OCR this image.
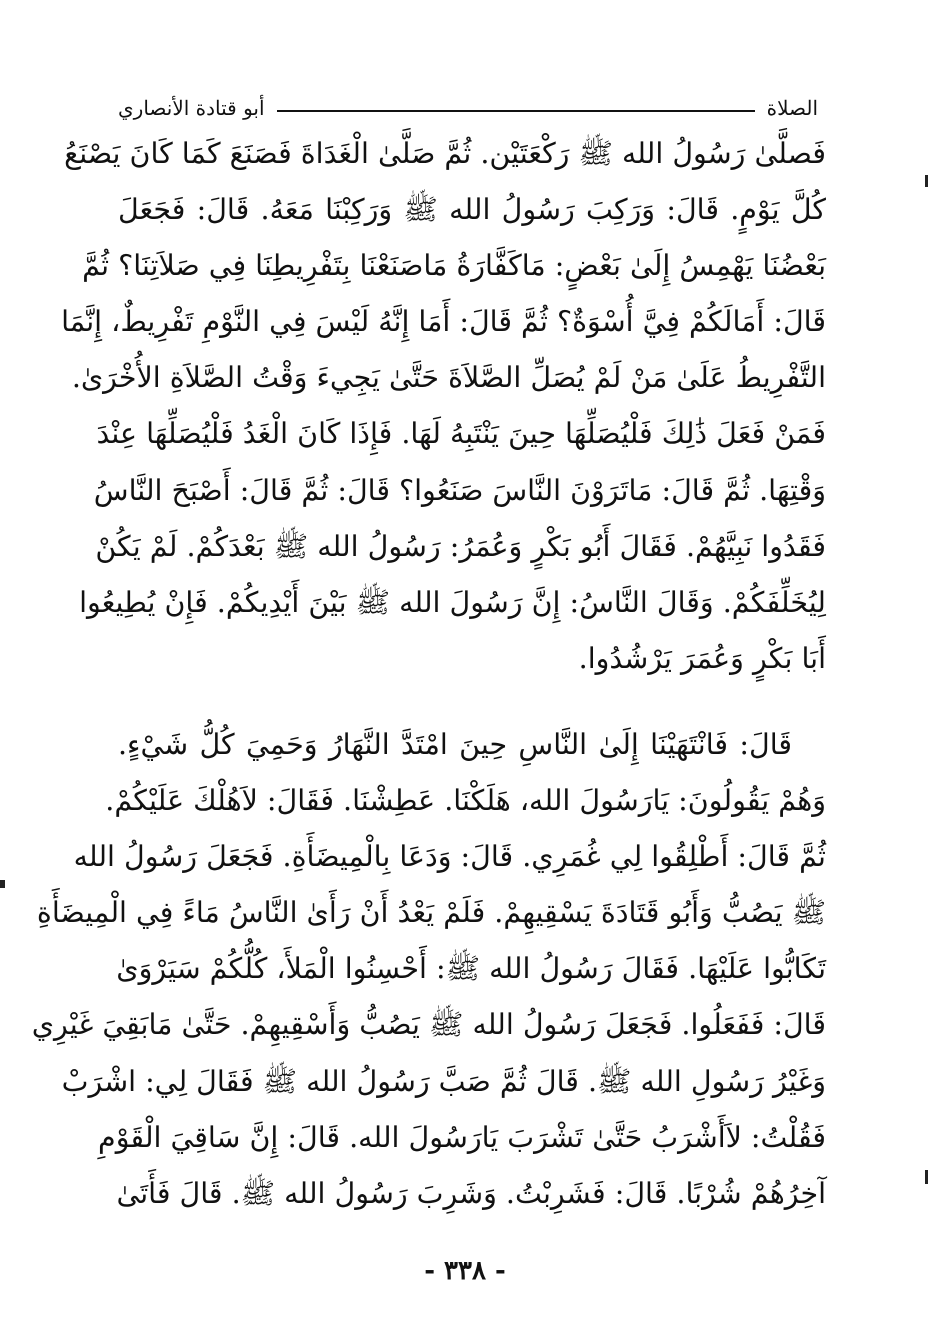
الصلاة
أبو قتادة الأنصاري
فَصلَّىٰ رَسُولُ الله ﷺ رَكْعَتَيْن. ثُمَّ صَلَّىٰ الْغَدَاةَ فَصَنَعَ كَمَا كَانَ يَصْنَعُ
كُلَّ يَوْمٍ. قَالَ: وَرَكِبَ رَسُولُ الله ﷺ وَرَكِبْنَا مَعَهُ. قَالَ: فَجَعَلَ
بَعْضُنَا يَهْمِسُ إِلَىٰ بَعْضٍ: مَاكَفَّارَةُ مَاصَنَعْنَا بِتَفْرِيطِنَا فِي صَلاَتِنَا؟ ثُمَّ
قَالَ: أَمَالَكُمْ فِيَّ أُسْوَةٌ؟ ثُمَّ قَالَ: أَمَا إِنَّهُ لَيْسَ فِي النَّوْمِ تَفْرِيطٌ، إِنَّمَا
التَّفْرِيطُ عَلَىٰ مَنْ لَمْ يُصَلِّ الصَّلاَةَ حَتَّىٰ يَجِيءَ وَقْتُ الصَّلاَةِ الأُخْرَىٰ.
فَمَنْ فَعَلَ ذَٰلِكَ فَلْيُصَلِّهَا حِينَ يَنْتَبِهُ لَهَا. فَإِذَا كَانَ الْغَدُ فَلْيُصَلِّهَا عِنْدَ
وَقْتِهَا. ثُمَّ قَالَ: مَاتَرَوْنَ النَّاسَ صَنَعُوا؟ قَالَ: ثُمَّ قَالَ: أَصْبَحَ النَّاسُ
فَقَدُوا نَبِيَّهُمْ. فَقَالَ أَبُو بَكْرٍ وَعُمَرُ: رَسُولُ الله ﷺ بَعْدَكُمْ. لَمْ يَكُنْ
لِيُخَلِّفَكُمْ. وَقَالَ النَّاسُ: إِنَّ رَسُولَ الله ﷺ بَيْنَ أَيْدِيكُمْ. فَإِنْ يُطِيعُوا
أَبَا بَكْرٍ وَعُمَرَ يَرْشُدُوا.
قَالَ: فَانْتَهَيْنَا إِلَىٰ النَّاسِ حِينَ امْتَدَّ النَّهَارُ وَحَمِيَ كُلُّ شَيْءٍ.
وَهُمْ يَقُولُونَ: يَارَسُولَ الله، هَلَكْنَا. عَطِشْنَا. فَقَالَ: لاَهُلْكَ عَلَيْكُمْ.
ثُمَّ قَالَ: أَطْلِقُوا لِي غُمَرِي. قَالَ: وَدَعَا بِالْمِيضَأَةِ. فَجَعَلَ رَسُولُ الله
ﷺ يَصُبُّ وَأَبُو قَتَادَةَ يَسْقِيهِمْ. فَلَمْ يَعْدُ أَنْ رَأَىٰ النَّاسُ مَاءً فِي الْمِيضَأَةِ
تَكَابُّوا عَلَيْهَا. فَقَالَ رَسُولُ الله ﷺ: أَحْسِنُوا الْمَلأَ، كُلُّكُمْ سَيَرْوَىٰ
قَالَ: فَفَعَلُوا. فَجَعَلَ رَسُولُ الله ﷺ يَصُبُّ وَأَسْقِيهِمْ. حَتَّىٰ مَابَقِيَ غَيْرِي
وَغَيْرُ رَسُولِ الله ﷺ. قَالَ ثُمَّ صَبَّ رَسُولُ الله ﷺ فَقَالَ لِي: اشْرَبْ
فَقُلْتُ: لاَأَشْرَبُ حَتَّىٰ تَشْرَبَ يَارَسُولَ الله. قَالَ: إِنَّ سَاقِيَ الْقَوْمِ
آخِرُهُمْ شُرْبًا. قَالَ: فَشَرِبْتُ. وَشَرِبَ رَسُولُ الله ﷺ. قَالَ فَأَتَىٰ
- ٣٣٨ -
